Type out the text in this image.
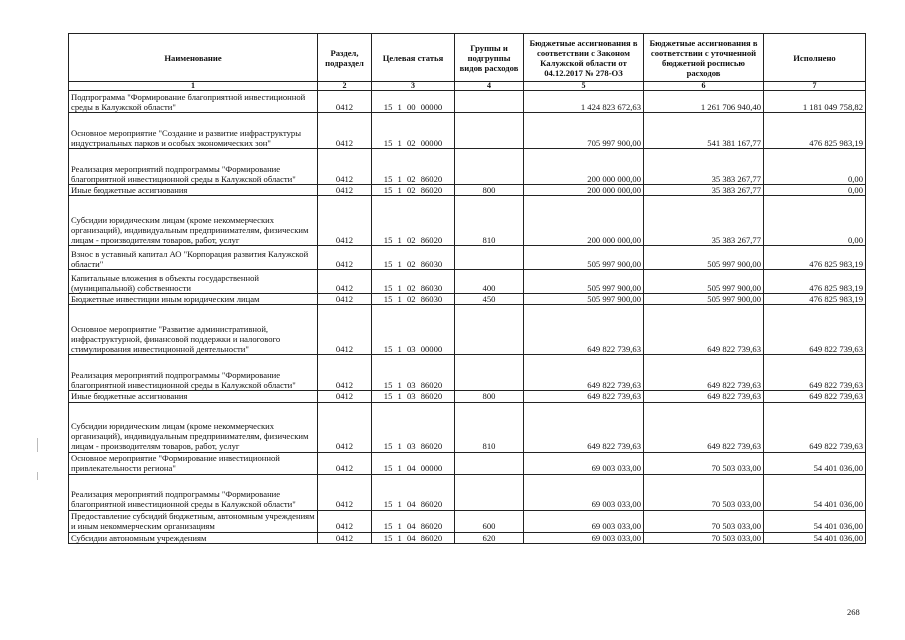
Наименование	Раздел, подраздел	Целевая статья	Группы и подгруппы видов расходов	Бюджетные ассигнования в соответствии с Законом Калужской области от 04.12.2017 № 278-ОЗ	Бюджетные ассигнования в соответствии с уточненной бюджетной росписью расходов	Исполнено
1	2	3	4	5	6	7
Подпрограмма "Формирование благоприятной инвестиционной среды в Калужской области"	0412	15 1 00 00000		1 424 823 672,63	1 261 706 940,40	1 181 049 758,82
Основное мероприятие "Создание и развитие инфраструктуры индустриальных парков и особых экономических зон"	0412	15 1 02 00000		705 997 900,00	541 381 167,77	476 825 983,19
Реализация мероприятий подпрограммы "Формирование благоприятной инвестиционной среды в Калужской области"	0412	15 1 02 86020		200 000 000,00	35 383 267,77	0,00
Иные бюджетные ассигнования	0412	15 1 02 86020	800	200 000 000,00	35 383 267,77	0,00
Субсидии юридическим лицам (кроме некоммерческих организаций), индивидуальным предпринимателям, физическим лицам - производителям товаров, работ, услуг	0412	15 1 02 86020	810	200 000 000,00	35 383 267,77	0,00
Взнос в уставный капитал АО "Корпорация развития Калужской области"	0412	15 1 02 86030		505 997 900,00	505 997 900,00	476 825 983,19
Капитальные вложения в объекты государственной (муниципальной) собственности	0412	15 1 02 86030	400	505 997 900,00	505 997 900,00	476 825 983,19
Бюджетные инвестиции иным юридическим лицам	0412	15 1 02 86030	450	505 997 900,00	505 997 900,00	476 825 983,19
Основное мероприятие "Развитие административной, инфраструктурной, финансовой поддержки и налогового стимулирования инвестиционной деятельности"	0412	15 1 03 00000		649 822 739,63	649 822 739,63	649 822 739,63
Реализация мероприятий подпрограммы "Формирование благоприятной инвестиционной среды в Калужской области"	0412	15 1 03 86020		649 822 739,63	649 822 739,63	649 822 739,63
Иные бюджетные ассигнования	0412	15 1 03 86020	800	649 822 739,63	649 822 739,63	649 822 739,63
Субсидии юридическим лицам (кроме некоммерческих организаций), индивидуальным предпринимателям, физическим лицам - производителям товаров, работ, услуг	0412	15 1 03 86020	810	649 822 739,63	649 822 739,63	649 822 739,63
Основное мероприятие "Формирование инвестиционной привлекательности региона"	0412	15 1 04 00000		69 003 033,00	70 503 033,00	54 401 036,00
Реализация мероприятий подпрограммы "Формирование благоприятной инвестиционной среды в Калужской области"	0412	15 1 04 86020		69 003 033,00	70 503 033,00	54 401 036,00
Предоставление субсидий бюджетным, автономным учреждениям и иным некоммерческим организациям	0412	15 1 04 86020	600	69 003 033,00	70 503 033,00	54 401 036,00
Субсидии автономным учреждениям	0412	15 1 04 86020	620	69 003 033,00	70 503 033,00	54 401 036,00
268
